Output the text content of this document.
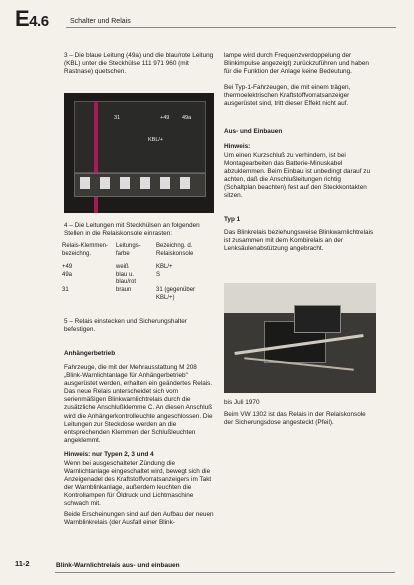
E4.6	Schalter und Relais
3 – Die blaue Leitung (49a) und die blau/rote Leitung (KBL) unter die Steckhülse 111 971 960 (mit Rastnase) quetschen.
31	+49 49a
KBL/+
4 – Die Leitungen mit Steckhülsen an folgenden Stellen in die Relaiskonsole einrasten:
Relais-Klemmen-bezeichng.	Leitungs-farbe	Bezeichng. d. Relaiskonsole

+49	weiß	KBL/+
49a	blau u. blau/rot	S
31	braun	31 (gegenüber KBL/+)
5 – Relais einstecken und Sicherungshalter befestigen.
Anhängerbetrieb
Fahrzeuge, die mit der Mehrausstattung M 208 „Blink-Warnlichtanlage für Anhängerbetrieb" ausgerüstet werden, erhalten ein geändertes Relais. Das neue Relais unterscheidet sich vom serienmäßigen Blinkwarnlichtrelais durch die zusätzliche Anschlußklemme C. An diesen Anschluß wird die Anhängerkontrolleuchte angeschlossen. Die Leitungen zur Steckdose werden an die entsprechenden Klemmen der Schlußleuchten angeklemmt.
Hinweis: nur Typen 2, 3 und 4
Wenn bei ausgeschalteter Zündung die Warnlichtanlage eingeschaltet wird, bewegt sich die Anzeigenadel des Kraftstoffvorratsanzeigers im Takt der Warnblinkanlage, außerdem leuchten die Kontrollampen für Öldruck und Lichtmaschine schwach mit.
Beide Erscheinungen sind auf den Aufbau der neuen Warnblinkrelais (der Ausfall einer Blink-
lampe wird durch Frequenzverdoppelung der Blinkimpulse angezeigt) zurückzuführen und haben für die Funktion der Anlage keine Bedeutung.
Bei Typ-1-Fahrzeugen, die mit einem trägen, thermoelektrischen Kraftstoffvorratsanzeiger ausgerüstet sind, tritt dieser Effekt nicht auf.
Aus- und Einbauen
Hinweis:
Um einen Kurzschluß zu verhindern, ist bei Montagearbeiten das Batterie-Minuskabel abzuklemmen. Beim Einbau ist unbedingt darauf zu achten, daß die Anschlußleitungen richtig (Schaltplan beachten) fest auf den Steckkontakten sitzen.
Typ 1
Das Blinkrelais beziehungsweise Blinkwarnlichtrelais ist zusammen mit dem Kombirelais an der Lenksäulenabstützung angebracht.
bis Juli 1970
Beim VW 1302 ist das Relais in der Relaiskonsole der Sicherungsdose angesteckt (Pfeil).
11-2	Blink-Warnlichtrelais aus- und einbauen
